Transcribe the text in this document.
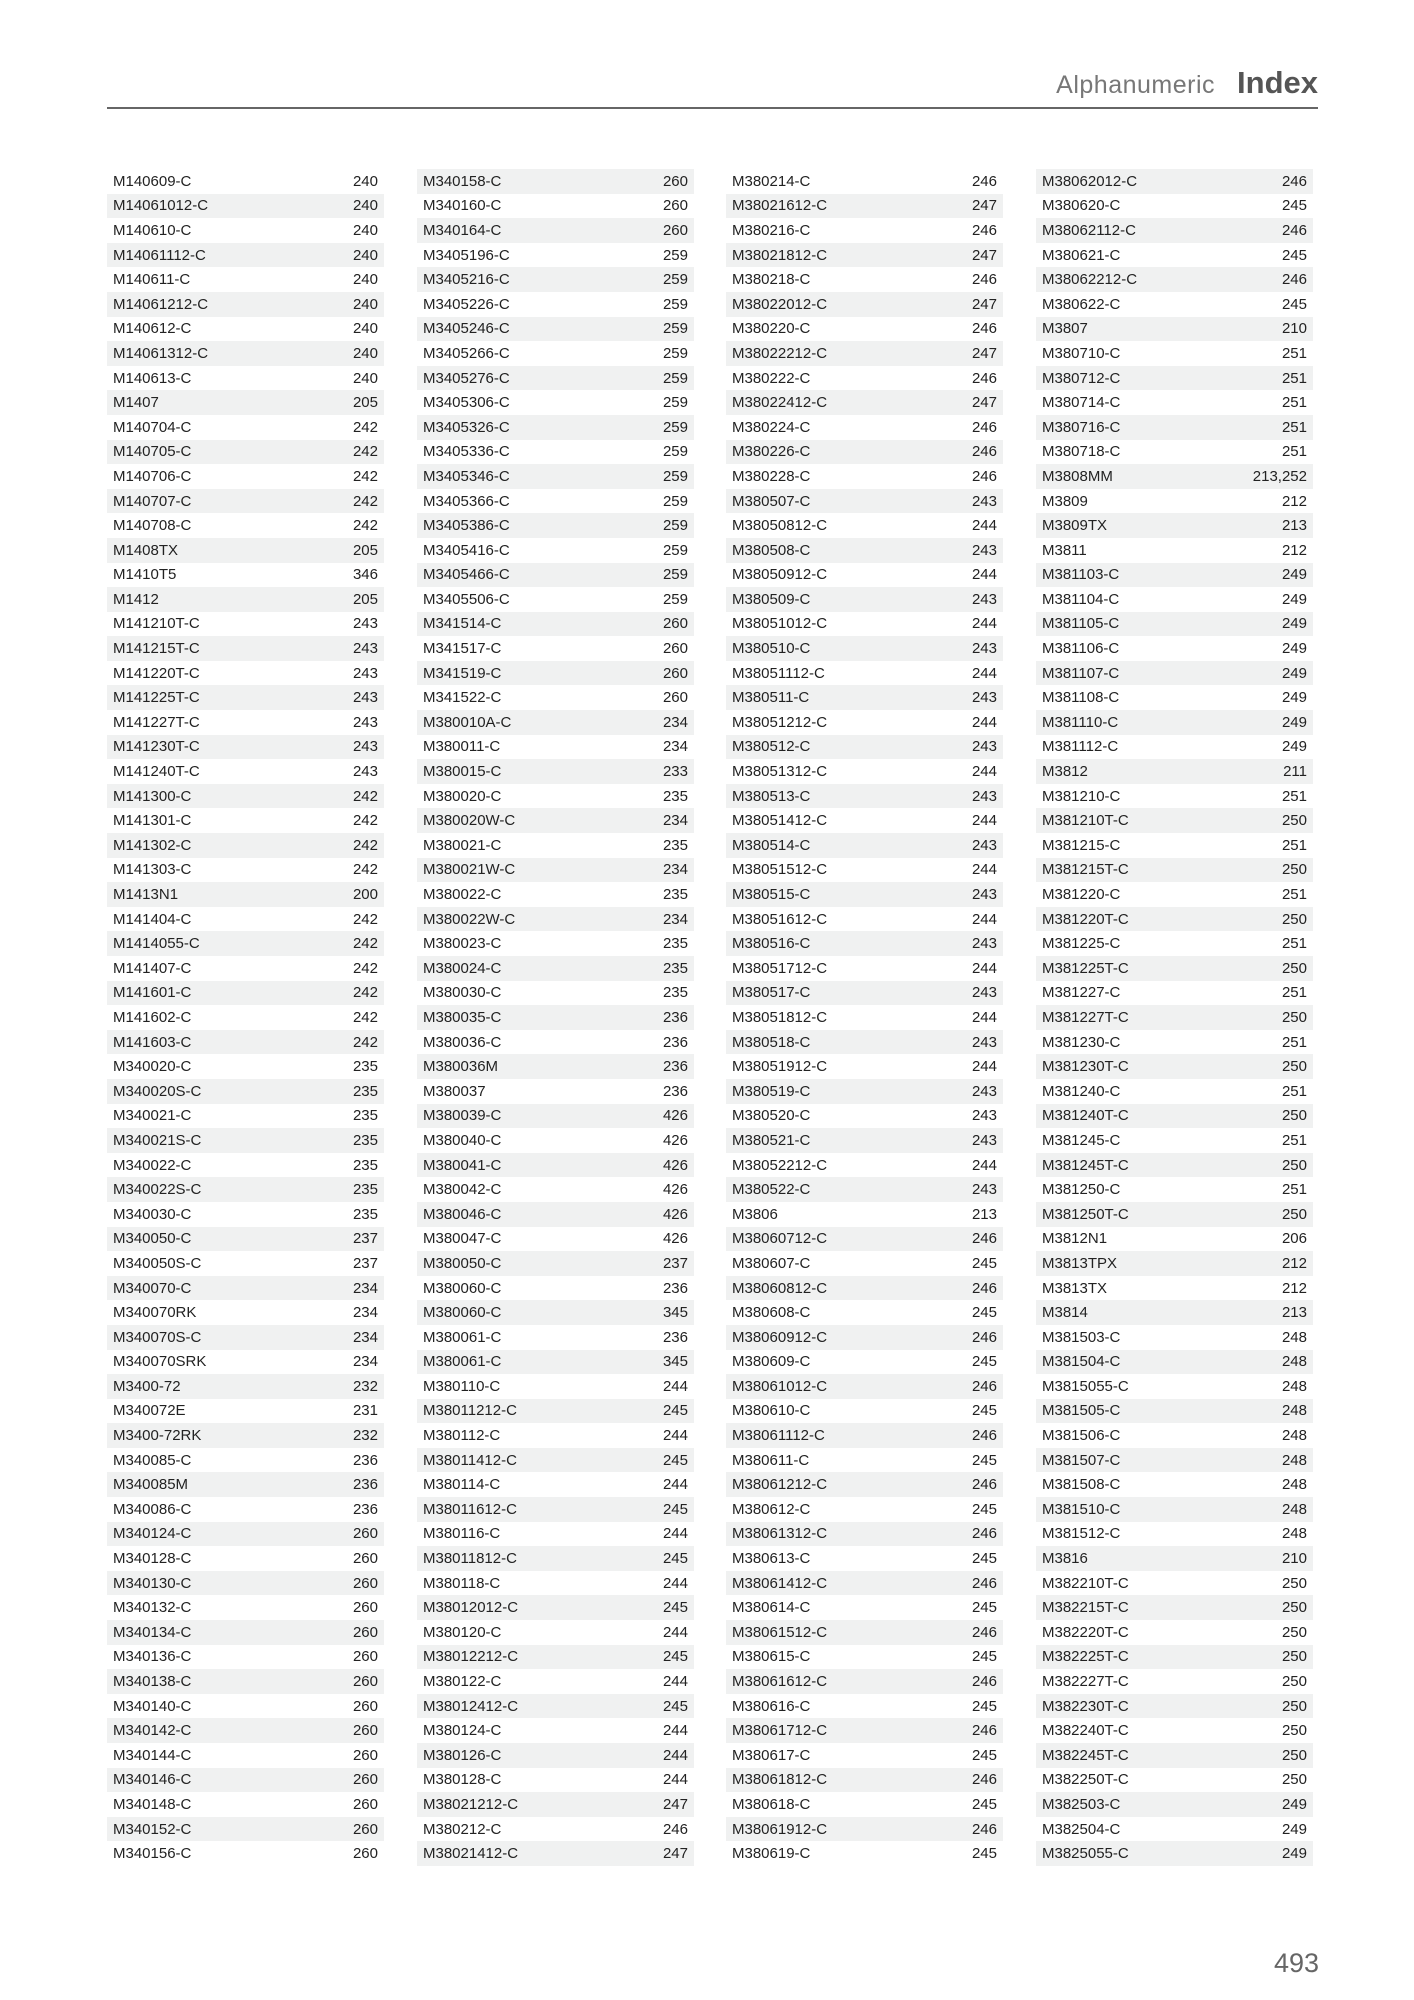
Alphanumeric Index
M140609-C	240
M14061012-C	240
M140610-C	240
M14061112-C	240
M140611-C	240
M14061212-C	240
M140612-C	240
M14061312-C	240
M140613-C	240
M1407	205
M140704-C	242
M140705-C	242
M140706-C	242
M140707-C	242
M140708-C	242
M1408TX	205
M1410T5	346
M1412	205
M141210T-C	243
M141215T-C	243
M141220T-C	243
M141225T-C	243
M141227T-C	243
M141230T-C	243
M141240T-C	243
M141300-C	242
M141301-C	242
M141302-C	242
M141303-C	242
M1413N1	200
M141404-C	242
M1414055-C	242
M141407-C	242
M141601-C	242
M141602-C	242
M141603-C	242
M340020-C	235
M340020S-C	235
M340021-C	235
M340021S-C	235
M340022-C	235
M340022S-C	235
M340030-C	235
M340050-C	237
M340050S-C	237
M340070-C	234
M340070RK	234
M340070S-C	234
M340070SRK	234
M3400-72	232
M340072E	231
M3400-72RK	232
M340085-C	236
M340085M	236
M340086-C	236
M340124-C	260
M340128-C	260
M340130-C	260
M340132-C	260
M340134-C	260
M340136-C	260
M340138-C	260
M340140-C	260
M340142-C	260
M340144-C	260
M340146-C	260
M340148-C	260
M340152-C	260
M340156-C	260
M340158-C	260
M340160-C	260
M340164-C	260
M3405196-C	259
M3405216-C	259
M3405226-C	259
M3405246-C	259
M3405266-C	259
M3405276-C	259
M3405306-C	259
M3405326-C	259
M3405336-C	259
M3405346-C	259
M3405366-C	259
M3405386-C	259
M3405416-C	259
M3405466-C	259
M3405506-C	259
M341514-C	260
M341517-C	260
M341519-C	260
M341522-C	260
M380010A-C	234
M380011-C	234
M380015-C	233
M380020-C	235
M380020W-C	234
M380021-C	235
M380021W-C	234
M380022-C	235
M380022W-C	234
M380023-C	235
M380024-C	235
M380030-C	235
M380035-C	236
M380036-C	236
M380036M	236
M380037	236
M380039-C	426
M380040-C	426
M380041-C	426
M380042-C	426
M380046-C	426
M380047-C	426
M380050-C	237
M380060-C	236
M380060-C	345
M380061-C	236
M380061-C	345
M380110-C	244
M38011212-C	245
M380112-C	244
M38011412-C	245
M380114-C	244
M38011612-C	245
M380116-C	244
M38011812-C	245
M380118-C	244
M38012012-C	245
M380120-C	244
M38012212-C	245
M380122-C	244
M38012412-C	245
M380124-C	244
M380126-C	244
M380128-C	244
M38021212-C	247
M380212-C	246
M38021412-C	247
M380214-C	246
M38021612-C	247
M380216-C	246
M38021812-C	247
M380218-C	246
M38022012-C	247
M380220-C	246
M38022212-C	247
M380222-C	246
M38022412-C	247
M380224-C	246
M380226-C	246
M380228-C	246
M380507-C	243
M38050812-C	244
M380508-C	243
M38050912-C	244
M380509-C	243
M38051012-C	244
M380510-C	243
M38051112-C	244
M380511-C	243
M38051212-C	244
M380512-C	243
M38051312-C	244
M380513-C	243
M38051412-C	244
M380514-C	243
M38051512-C	244
M380515-C	243
M38051612-C	244
M380516-C	243
M38051712-C	244
M380517-C	243
M38051812-C	244
M380518-C	243
M38051912-C	244
M380519-C	243
M380520-C	243
M380521-C	243
M38052212-C	244
M380522-C	243
M3806	213
M38060712-C	246
M380607-C	245
M38060812-C	246
M380608-C	245
M38060912-C	246
M380609-C	245
M38061012-C	246
M380610-C	245
M38061112-C	246
M380611-C	245
M38061212-C	246
M380612-C	245
M38061312-C	246
M380613-C	245
M38061412-C	246
M380614-C	245
M38061512-C	246
M380615-C	245
M38061612-C	246
M380616-C	245
M38061712-C	246
M380617-C	245
M38061812-C	246
M380618-C	245
M38061912-C	246
M380619-C	245
M38062012-C	246
M380620-C	245
M38062112-C	246
M380621-C	245
M38062212-C	246
M380622-C	245
M3807	210
M380710-C	251
M380712-C	251
M380714-C	251
M380716-C	251
M380718-C	251
M3808MM	213,252
M3809	212
M3809TX	213
M3811	212
M381103-C	249
M381104-C	249
M381105-C	249
M381106-C	249
M381107-C	249
M381108-C	249
M381110-C	249
M381112-C	249
M3812	211
M381210-C	251
M381210T-C	250
M381215-C	251
M381215T-C	250
M381220-C	251
M381220T-C	250
M381225-C	251
M381225T-C	250
M381227-C	251
M381227T-C	250
M381230-C	251
M381230T-C	250
M381240-C	251
M381240T-C	250
M381245-C	251
M381245T-C	250
M381250-C	251
M381250T-C	250
M3812N1	206
M3813TPX	212
M3813TX	212
M3814	213
M381503-C	248
M381504-C	248
M3815055-C	248
M381505-C	248
M381506-C	248
M381507-C	248
M381508-C	248
M381510-C	248
M381512-C	248
M3816	210
M382210T-C	250
M382215T-C	250
M382220T-C	250
M382225T-C	250
M382227T-C	250
M382230T-C	250
M382240T-C	250
M382245T-C	250
M382250T-C	250
M382503-C	249
M382504-C	249
M3825055-C	249
493
